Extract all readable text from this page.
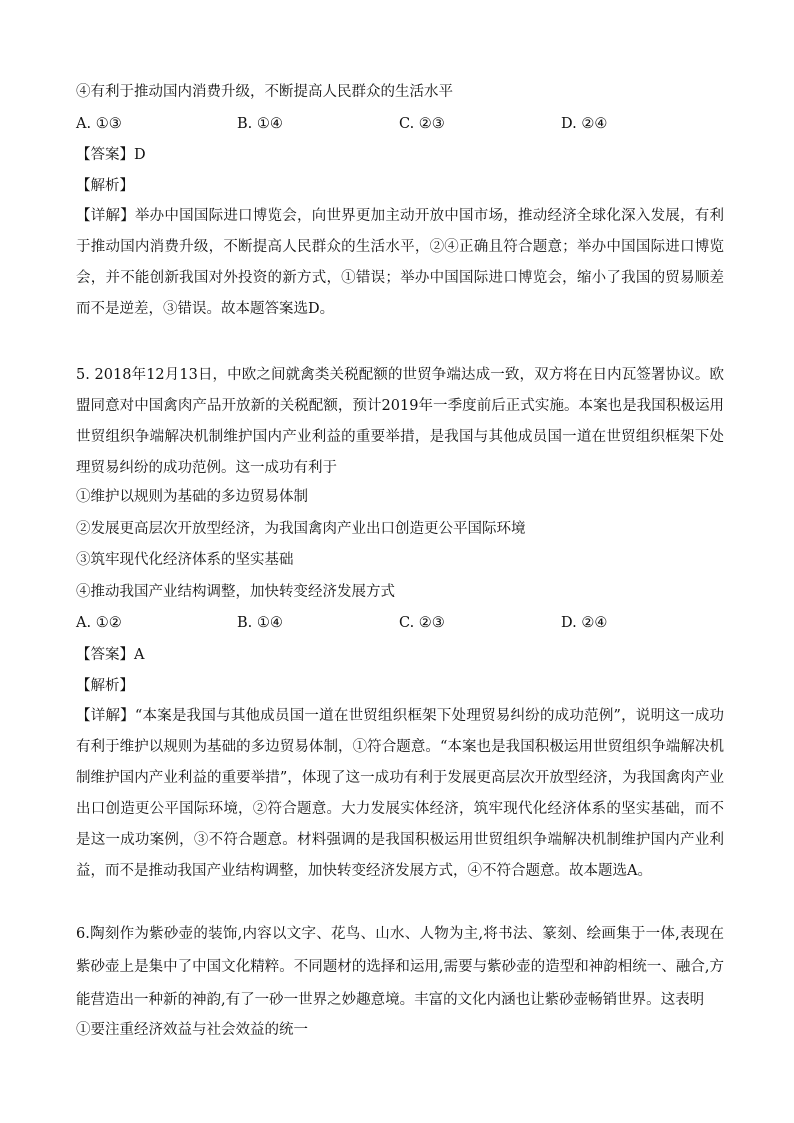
④有利于推动国内消费升级，不断提高人民群众的生活水平
A. ①③	B. ①④	C. ②③	D. ②④
【答案】D
【解析】
【详解】举办中国国际进口博览会，向世界更加主动开放中国市场，推动经济全球化深入发展，有利于推动国内消费升级，不断提高人民群众的生活水平，②④正确且符合题意；举办中国国际进口博览会，并不能创新我国对外投资的新方式，①错误；举办中国国际进口博览会，缩小了我国的贸易顺差而不是逆差，③错误。故本题答案选D。
5. 2018年12月13日，中欧之间就禽类关税配额的世贸争端达成一致，双方将在日内瓦签署协议。欧盟同意对中国禽肉产品开放新的关税配额，预计2019年一季度前后正式实施。本案也是我国积极运用世贸组织争端解决机制维护国内产业利益的重要举措，是我国与其他成员国一道在世贸组织框架下处理贸易纠纷的成功范例。这一成功有利于
①维护以规则为基础的多边贸易体制
②发展更高层次开放型经济，为我国禽肉产业出口创造更公平国际环境
③筑牢现代化经济体系的坚实基础
④推动我国产业结构调整，加快转变经济发展方式
A. ①②	B. ①④	C. ②③	D. ②④
【答案】A
【解析】
【详解】“本案是我国与其他成员国一道在世贸组织框架下处理贸易纠纷的成功范例”，说明这一成功有利于维护以规则为基础的多边贸易体制，①符合题意。“本案也是我国积极运用世贸组织争端解决机制维护国内产业利益的重要举措”，体现了这一成功有利于发展更高层次开放型经济，为我国禽肉产业出口创造更公平国际环境，②符合题意。大力发展实体经济，筑牢现代化经济体系的坚实基础，而不是这一成功案例，③不符合题意。材料强调的是我国积极运用世贸组织争端解决机制维护国内产业利益，而不是推动我国产业结构调整，加快转变经济发展方式，④不符合题意。故本题选A。
6.陶刻作为紫砂壶的装饰,内容以文字、花鸟、山水、人物为主,将书法、篆刻、绘画集于一体,表现在紫砂壶上是集中了中国文化精粹。不同题材的选择和运用,需要与紫砂壶的造型和神韵相统一、融合,方能营造出一种新的神韵,有了一砂一世界之妙趣意境。丰富的文化内涵也让紫砂壶畅销世界。这表明
①要注重经济效益与社会效益的统一
